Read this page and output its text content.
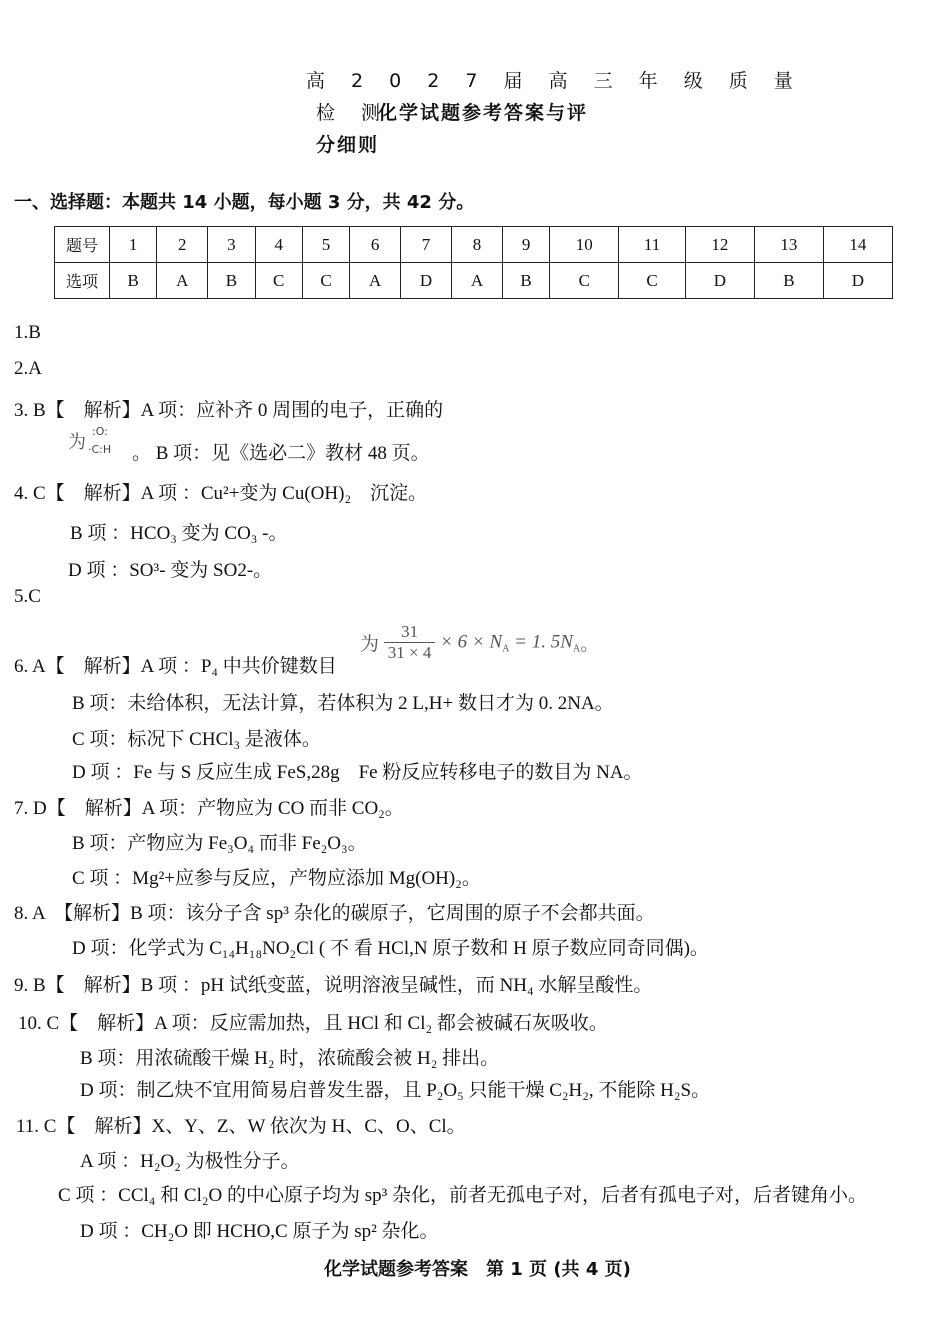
高 2 0 2 7 届 高 三 年 级 质 量
检 测
化学试题参考答案与评
分细则
一、选择题：本题共 14 小题，每小题 3 分，共 42 分。
题号	1	2	3	4	5	6	7	8	9	10	11	12	13	14
选项	B	A	B	C	C	A	D	A	B	C	C	D	B	D
1.B
2.A
3. B【　解析】A 项：应补齐 0 周围的电子，正确的
为
:O:
·C:H 。 B 项：见《选必二》教材 48 页。
4. C【　解析】A 项 ：Cu²+变为 Cu(OH)₂　沉淀。
B 项 ：HCO₃ 变为 CO₃ -。
D 项 ：SO³- 变为 SO2-。
5.C
6. A【　解析】A 项 ：P₄ 中共价键数目
为 $\frac{31}{31 \times 4} \times 6 \times N_A = 1$. $5N_A$。
B 项：未给体积，无法计算，若体积为 2 L,H+ 数日才为 0. 2NA。
C 项：标况下 CHCl₃ 是液体。
D 项 ：Fe 与 S 反应生成 FeS,28g　Fe 粉反应转移电子的数目为 NA。
7. D【　解析】A 项：产物应为 CO 而非 CO₂。
B 项：产物应为 Fe₃O₄ 而非 Fe₂O₃。
C 项 ：Mg²+应参与反应，产物应添加 Mg(OH)₂。
8. A　【解析】B 项：该分子含 sp³ 杂化的碳原子，它周围的原子不会都共面。
D 项：化学式为 C₁₄H₁₈NO₂Cl ( 不 看 HCl,N 原子数和 H 原子数应同奇同偶)。
9. B【　解析】B 项 ：pH 试纸变蓝，说明溶液呈碱性，而 NH₄ 水解呈酸性。
10. C【　解析】A 项：反应需加热，且 HCl 和 Cl₂ 都会被碱石灰吸收。
B 项：用浓硫酸干燥 H₂ 时，浓硫酸会被 H₂ 排出。
D 项：制乙炔不宜用简易启普发生器，且 P₂O₅ 只能干燥 C₂H₂, 不能除 H₂S。
11. C【　解析】X、Y、Z、W 依次为 H、C、O、Cl。
A 项 ：H₂O₂ 为极性分子。
C 项 ：CCl₄ 和 Cl₂O 的中心原子均为 sp³ 杂化，前者无孤电子对，后者有孤电子对，后者键角小。
D 项 ：CH₂O 即 HCHO,C 原子为 sp² 杂化。
化学试题参考答案　第 1 页 (共 4 页)
